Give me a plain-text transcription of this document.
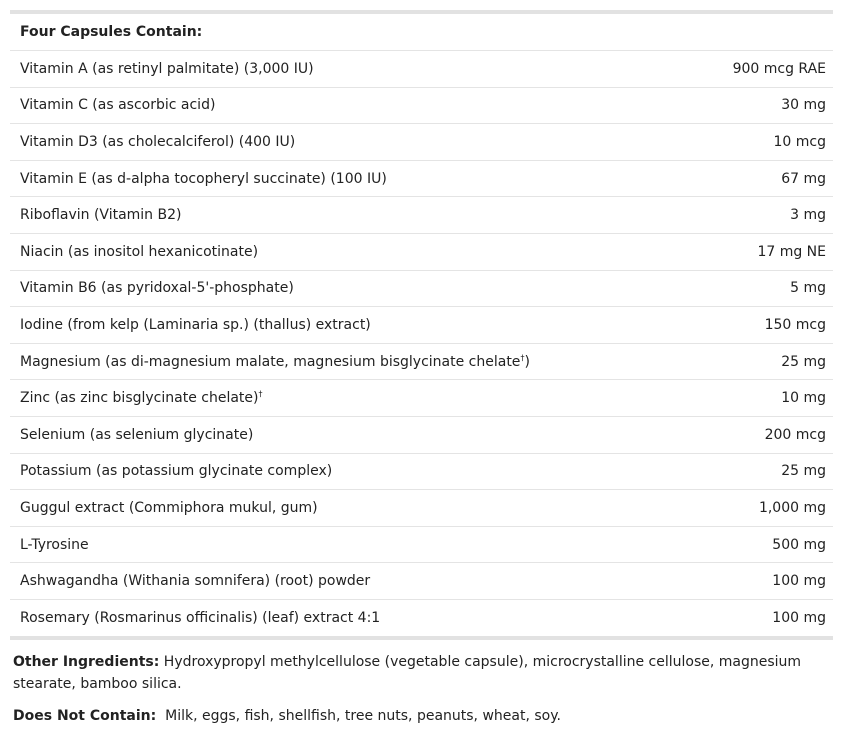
Four Capsules Contain:	
Vitamin A (as retinyl palmitate) (3,000 IU)	900 mcg RAE
Vitamin C (as ascorbic acid)	30 mg
Vitamin D3 (as cholecalciferol) (400 IU)	10 mcg
Vitamin E (as d-alpha tocopheryl succinate) (100 IU)	67 mg
Riboflavin (Vitamin B2)	3 mg
Niacin (as inositol hexanicotinate)	17 mg NE
Vitamin B6 (as pyridoxal-5'-phosphate)	5 mg
Iodine (from kelp (Laminaria sp.) (thallus) extract)	150 mcg
Magnesium (as di-magnesium malate, magnesium bisglycinate chelate†)	25 mg
Zinc (as zinc bisglycinate chelate)†	10 mg
Selenium (as selenium glycinate)	200 mcg
Potassium (as potassium glycinate complex)	25 mg
Guggul extract (Commiphora mukul, gum)	1,000 mg
L-Tyrosine	500 mg
Ashwagandha (Withania somnifera) (root) powder	100 mg
Rosemary (Rosmarinus officinalis) (leaf) extract 4:1	100 mg

Other Ingredients: Hydroxypropyl methylcellulose (vegetable capsule), microcrystalline cellulose, magnesium stearate, bamboo silica.

Does Not Contain: Milk, eggs, fish, shellfish, tree nuts, peanuts, wheat, soy.
